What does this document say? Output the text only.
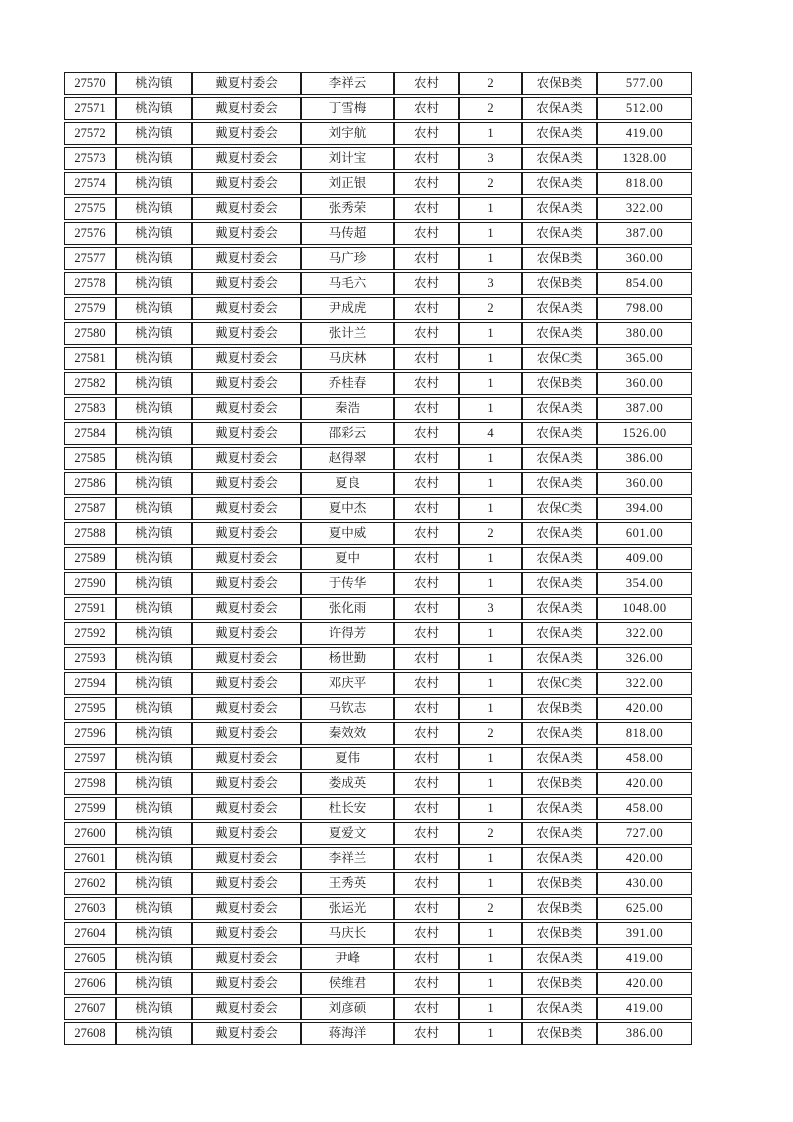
27570	桃沟镇	戴夏村委会	李祥云	农村	2	农保B类	577.00
27571	桃沟镇	戴夏村委会	丁雪梅	农村	2	农保A类	512.00
27572	桃沟镇	戴夏村委会	刘宇航	农村	1	农保A类	419.00
27573	桃沟镇	戴夏村委会	刘计宝	农村	3	农保A类	1328.00
27574	桃沟镇	戴夏村委会	刘正银	农村	2	农保A类	818.00
27575	桃沟镇	戴夏村委会	张秀荣	农村	1	农保A类	322.00
27576	桃沟镇	戴夏村委会	马传超	农村	1	农保A类	387.00
27577	桃沟镇	戴夏村委会	马广珍	农村	1	农保B类	360.00
27578	桃沟镇	戴夏村委会	马毛六	农村	3	农保B类	854.00
27579	桃沟镇	戴夏村委会	尹成虎	农村	2	农保A类	798.00
27580	桃沟镇	戴夏村委会	张计兰	农村	1	农保A类	380.00
27581	桃沟镇	戴夏村委会	马庆林	农村	1	农保C类	365.00
27582	桃沟镇	戴夏村委会	乔桂春	农村	1	农保B类	360.00
27583	桃沟镇	戴夏村委会	秦浩	农村	1	农保A类	387.00
27584	桃沟镇	戴夏村委会	邵彩云	农村	4	农保A类	1526.00
27585	桃沟镇	戴夏村委会	赵得翠	农村	1	农保A类	386.00
27586	桃沟镇	戴夏村委会	夏良	农村	1	农保A类	360.00
27587	桃沟镇	戴夏村委会	夏中杰	农村	1	农保C类	394.00
27588	桃沟镇	戴夏村委会	夏中威	农村	2	农保A类	601.00
27589	桃沟镇	戴夏村委会	夏中	农村	1	农保A类	409.00
27590	桃沟镇	戴夏村委会	于传华	农村	1	农保A类	354.00
27591	桃沟镇	戴夏村委会	张化雨	农村	3	农保A类	1048.00
27592	桃沟镇	戴夏村委会	许得芳	农村	1	农保A类	322.00
27593	桃沟镇	戴夏村委会	杨世勤	农村	1	农保A类	326.00
27594	桃沟镇	戴夏村委会	邓庆平	农村	1	农保C类	322.00
27595	桃沟镇	戴夏村委会	马钦志	农村	1	农保B类	420.00
27596	桃沟镇	戴夏村委会	秦效效	农村	2	农保A类	818.00
27597	桃沟镇	戴夏村委会	夏伟	农村	1	农保A类	458.00
27598	桃沟镇	戴夏村委会	娄成英	农村	1	农保B类	420.00
27599	桃沟镇	戴夏村委会	杜长安	农村	1	农保A类	458.00
27600	桃沟镇	戴夏村委会	夏爱文	农村	2	农保A类	727.00
27601	桃沟镇	戴夏村委会	李祥兰	农村	1	农保A类	420.00
27602	桃沟镇	戴夏村委会	王秀英	农村	1	农保B类	430.00
27603	桃沟镇	戴夏村委会	张运光	农村	2	农保B类	625.00
27604	桃沟镇	戴夏村委会	马庆长	农村	1	农保B类	391.00
27605	桃沟镇	戴夏村委会	尹峰	农村	1	农保A类	419.00
27606	桃沟镇	戴夏村委会	侯维君	农村	1	农保B类	420.00
27607	桃沟镇	戴夏村委会	刘彦硕	农村	1	农保A类	419.00
27608	桃沟镇	戴夏村委会	蒋海洋	农村	1	农保B类	386.00
